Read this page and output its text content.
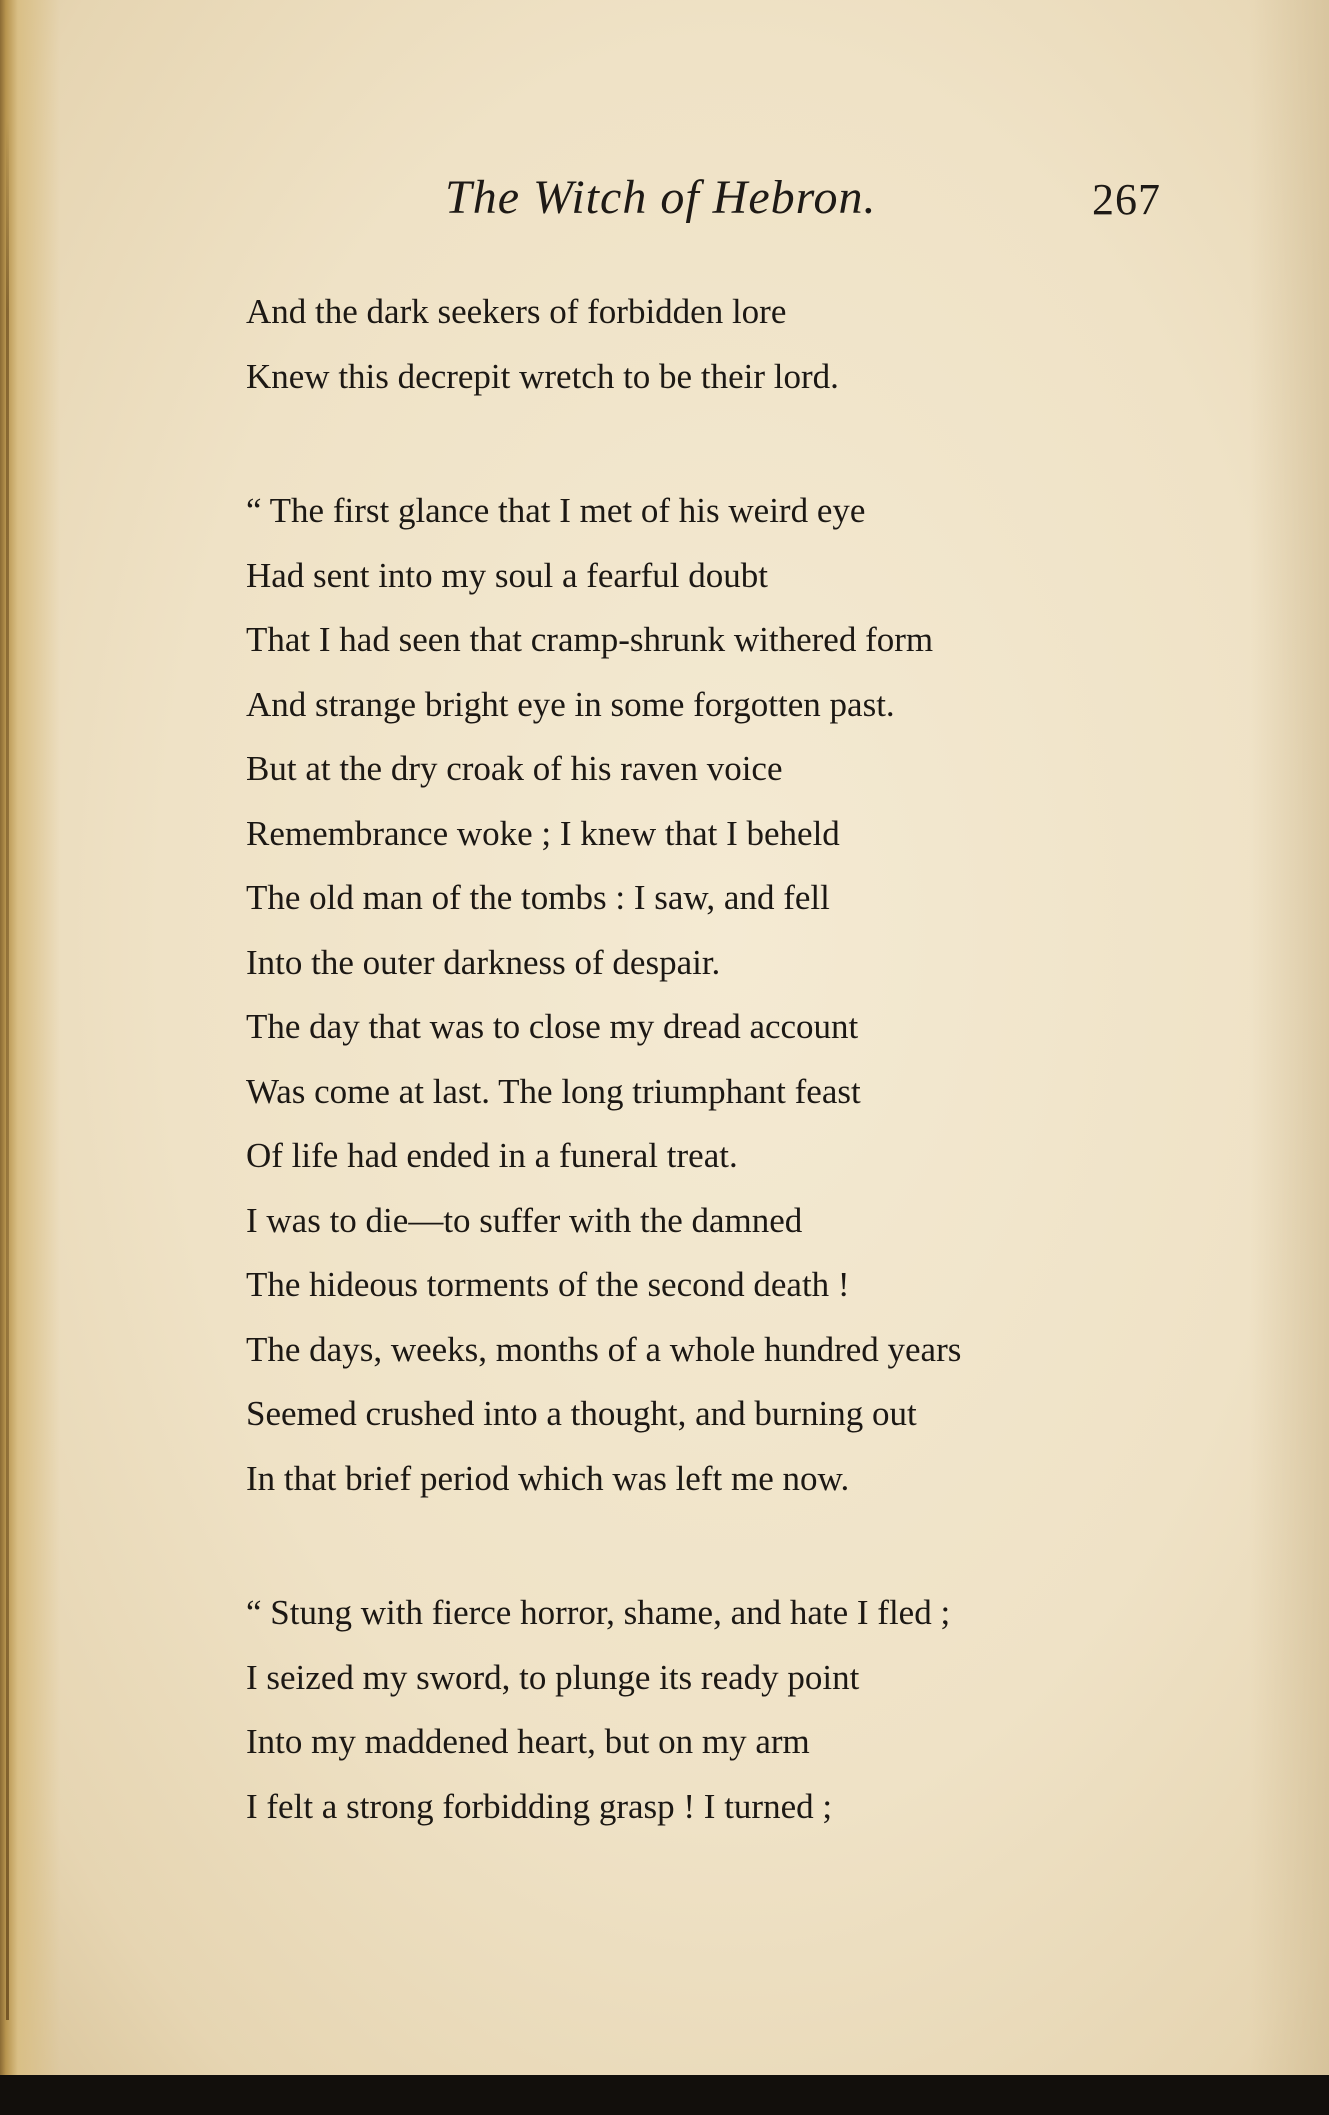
The Witch of Hebron.	267
And the dark seekers of forbidden lore
Knew this decrepit wretch to be their lord.
“ The first glance that I met of his weird eye
Had sent into my soul a fearful doubt
That I had seen that cramp-shrunk withered form
And strange bright eye in some forgotten past.
But at the dry croak of his raven voice
Remembrance woke ; I knew that I beheld
The old man of the tombs : I saw, and fell
Into the outer darkness of despair.
The day that was to close my dread account
Was come at last. The long triumphant feast
Of life had ended in a funeral treat.
I was to die—to suffer with the damned
The hideous torments of the second death !
The days, weeks, months of a whole hundred years
Seemed crushed into a thought, and burning out
In that brief period which was left me now.
“ Stung with fierce horror, shame, and hate I fled ;
I seized my sword, to plunge its ready point
Into my maddened heart, but on my arm
I felt a strong forbidding grasp ! I turned ;
